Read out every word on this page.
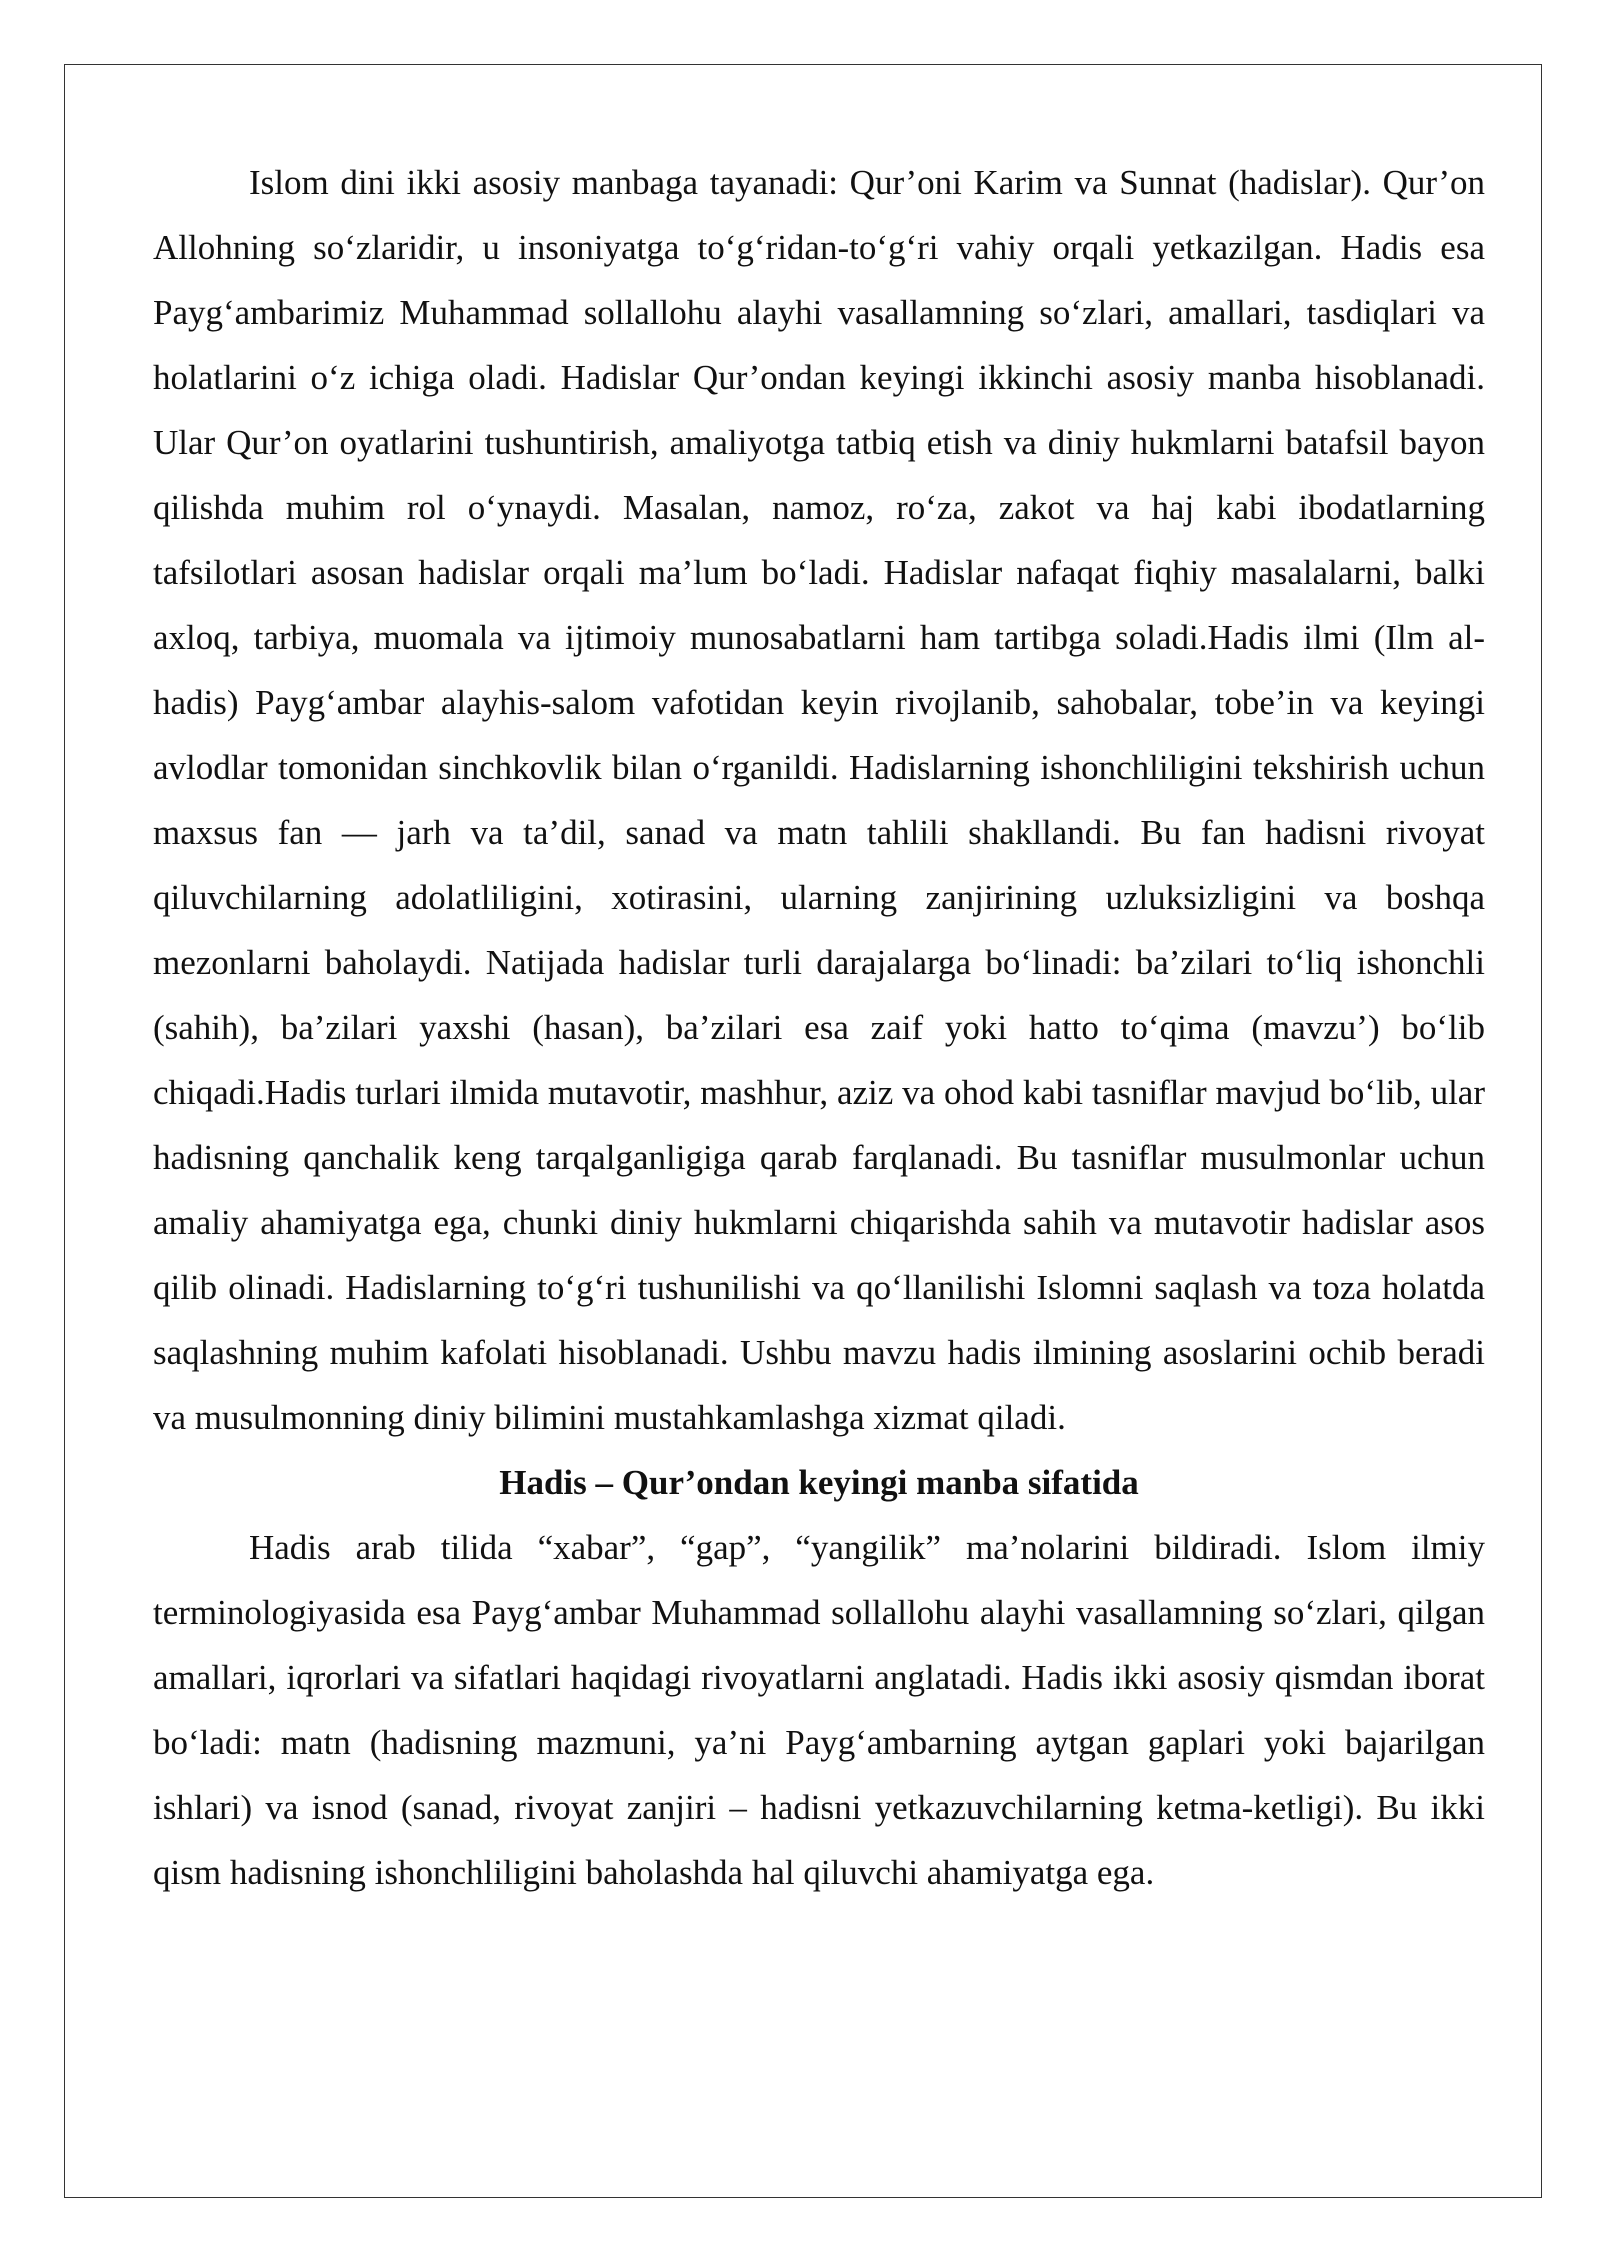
Islom dini ikki asosiy manbaga tayanadi: Qur’oni Karim va Sunnat (hadislar). Qur’on Allohning so‘zlaridir, u insoniyatga to‘g‘ridan-to‘g‘ri vahiy orqali yetkazilgan. Hadis esa Payg‘ambarimiz Muhammad sollallohu alayhi vasallamning so‘zlari, amallari, tasdiqlari va holatlarini o‘z ichiga oladi. Hadislar Qur’ondan keyingi ikkinchi asosiy manba hisoblanadi. Ular Qur’on oyatlarini tushuntirish, amaliyotga tatbiq etish va diniy hukmlarni batafsil bayon qilishda muhim rol o‘ynaydi. Masalan, namoz, ro‘za, zakot va haj kabi ibodatlarning tafsilotlari asosan hadislar orqali ma’lum bo‘ladi. Hadislar nafaqat fiqhiy masalalarni, balki axloq, tarbiya, muomala va ijtimoiy munosabatlarni ham tartibga soladi.Hadis ilmi (Ilm al-hadis) Payg‘ambar alayhis-salom vafotidan keyin rivojlanib, sahobalar, tobe’in va keyingi avlodlar tomonidan sinchkovlik bilan o‘rganildi. Hadislarning ishonchliligini tekshirish uchun maxsus fan — jarh va ta’dil, sanad va matn tahlili shakllandi. Bu fan hadisni rivoyat qiluvchilarning adolatliligini, xotirasini, ularning zanjirining uzluksizligini va boshqa mezonlarni baholaydi. Natijada hadislar turli darajalarga bo‘linadi: ba’zilari to‘liq ishonchli (sahih), ba’zilari yaxshi (hasan), ba’zilari esa zaif yoki hatto to‘qima (mavzu’) bo‘lib chiqadi.Hadis turlari ilmida mutavotir, mashhur, aziz va ohod kabi tasniflar mavjud bo‘lib, ular hadisning qanchalik keng tarqalganligiga qarab farqlanadi. Bu tasniflar musulmonlar uchun amaliy ahamiyatga ega, chunki diniy hukmlarni chiqarishda sahih va mutavotir hadislar asos qilib olinadi. Hadislarning to‘g‘ri tushunilishi va qo‘llanilishi Islomni saqlash va toza holatda saqlashning muhim kafolati hisoblanadi. Ushbu mavzu hadis ilmining asoslarini ochib beradi va musulmonning diniy bilimini mustahkamlashga xizmat qiladi.

Hadis – Qur’ondan keyingi manba sifatida

Hadis arab tilida “xabar”, “gap”, “yangilik” ma’nolarini bildiradi. Islom ilmiy terminologiyasida esa Payg‘ambar Muhammad sollallohu alayhi vasallamning so‘zlari, qilgan amallari, iqrorlari va sifatlari haqidagi rivoyatlarni anglatadi. Hadis ikki asosiy qismdan iborat bo‘ladi: matn (hadisning mazmuni, ya’ni Payg‘ambarning aytgan gaplari yoki bajarilgan ishlari) va isnod (sanad, rivoyat zanjiri – hadisni yetkazuvchilarning ketma-ketligi). Bu ikki qism hadisning ishonchliligini baholashda hal qiluvchi ahamiyatga ega.
